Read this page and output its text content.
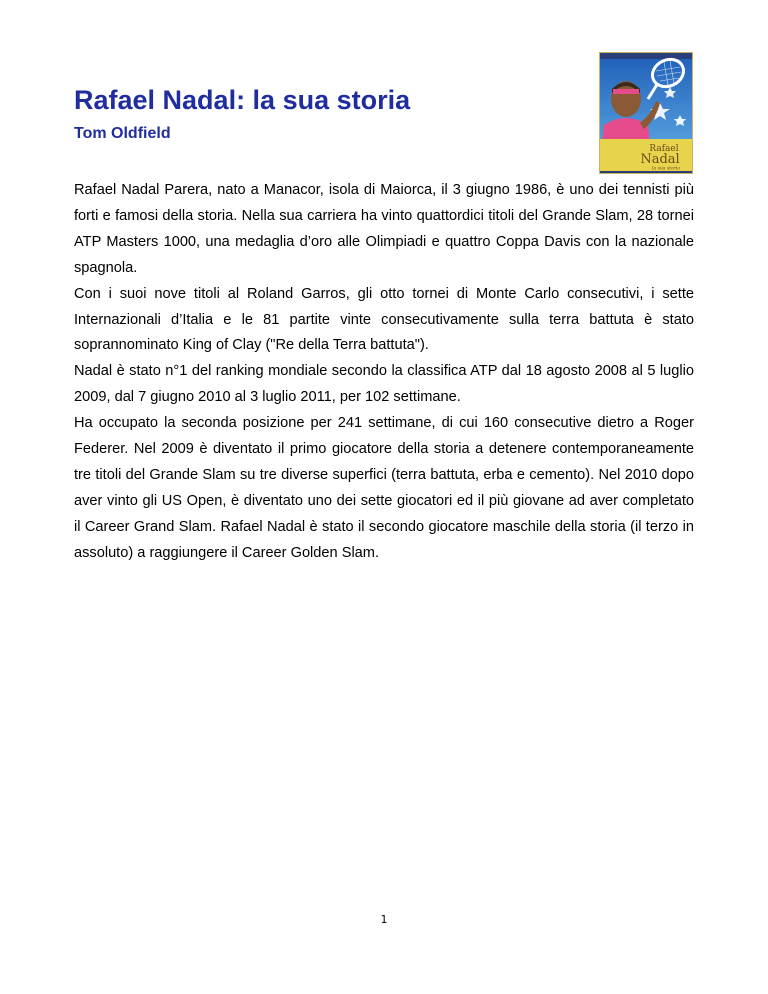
Rafael Nadal: la sua storia
Tom Oldfield
Rafael
Nadal
la sua storia

Rafael Nadal Parera, nato a Manacor, isola di Maiorca, il 3 giugno 1986, è uno dei tennisti più forti e famosi della storia. Nella sua carriera ha vinto quattordici titoli del Grande Slam, 28 tornei ATP Masters 1000, una medaglia d’oro alle Olimpiadi e quattro Coppa Davis con la nazionale spagnola.

Con i suoi nove titoli al Roland Garros, gli otto tornei di Monte Carlo consecutivi, i sette Internazionali d’Italia e le 81 partite vinte consecutivamente sulla terra battuta è stato soprannominato King of Clay ("Re della Terra battuta").

Nadal è stato n°1 del ranking mondiale secondo la classifica ATP dal 18 agosto 2008 al 5 luglio 2009, dal 7 giugno 2010 al 3 luglio 2011, per 102 settimane.

Ha occupato la seconda posizione per 241 settimane, di cui 160 consecutive dietro a Roger Federer. Nel 2009 è diventato il primo giocatore della storia a detenere contemporaneamente tre titoli del Grande Slam su tre diverse superfici (terra battuta, erba e cemento). Nel 2010 dopo aver vinto gli US Open, è diventato uno dei sette giocatori ed il più giovane ad aver completato il Career Grand Slam. Rafael Nadal è stato il secondo giocatore maschile della storia (il terzo in assoluto) a raggiungere il Career Golden Slam.

1
